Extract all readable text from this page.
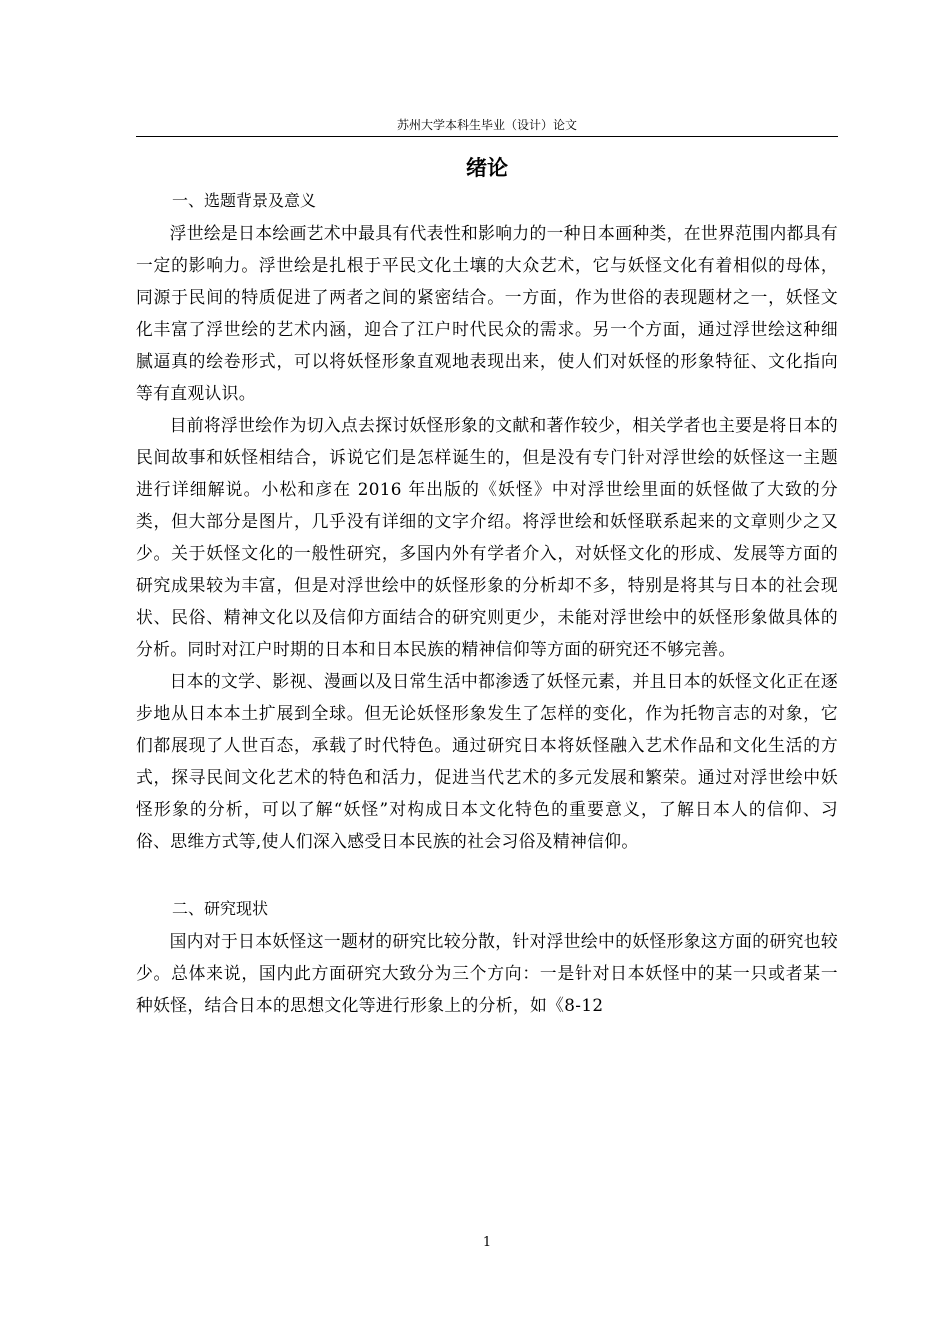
苏州大学本科生毕业（设计）论文
绪论

一、选题背景及意义

浮世绘是日本绘画艺术中最具有代表性和影响力的一种日本画种类，在世界范围内都具有一定的影响力。浮世绘是扎根于平民文化土壤的大众艺术，它与妖怪文化有着相似的母体，同源于民间的特质促进了两者之间的紧密结合。一方面，作为世俗的表现题材之一，妖怪文化丰富了浮世绘的艺术内涵，迎合了江户时代民众的需求。另一个方面，通过浮世绘这种细腻逼真的绘卷形式，可以将妖怪形象直观地表现出来，使人们对妖怪的形象特征、文化指向等有直观认识。

目前将浮世绘作为切入点去探讨妖怪形象的文献和著作较少，相关学者也主要是将日本的民间故事和妖怪相结合，诉说它们是怎样诞生的，但是没有专门针对浮世绘的妖怪这一主题进行详细解说。小松和彦在 2016 年出版的《妖怪》中对浮世绘里面的妖怪做了大致的分类，但大部分是图片，几乎没有详细的文字介绍。将浮世绘和妖怪联系起来的文章则少之又少。关于妖怪文化的一般性研究，多国内外有学者介入，对妖怪文化的形成、发展等方面的研究成果较为丰富，但是对浮世绘中的妖怪形象的分析却不多，特别是将其与日本的社会现状、民俗、精神文化以及信仰方面结合的研究则更少，未能对浮世绘中的妖怪形象做具体的分析。同时对江户时期的日本和日本民族的精神信仰等方面的研究还不够完善。

日本的文学、影视、漫画以及日常生活中都渗透了妖怪元素，并且日本的妖怪文化正在逐步地从日本本土扩展到全球。但无论妖怪形象发生了怎样的变化，作为托物言志的对象，它们都展现了人世百态，承载了时代特色。通过研究日本将妖怪融入艺术作品和文化生活的方式，探寻民间文化艺术的特色和活力，促进当代艺术的多元发展和繁荣。通过对浮世绘中妖怪形象的分析，可以了解“妖怪”对构成日本文化特色的重要意义，了解日本人的信仰、习俗、思维方式等,使人们深入感受日本民族的社会习俗及精神信仰。

二、研究现状

国内对于日本妖怪这一题材的研究比较分散，针对浮世绘中的妖怪形象这方面的研究也较少。总体来说，国内此方面研究大致分为三个方向：一是针对日本妖怪中的某一只或者某一种妖怪，结合日本的思想文化等进行形象上的分析，如《8-12

1
